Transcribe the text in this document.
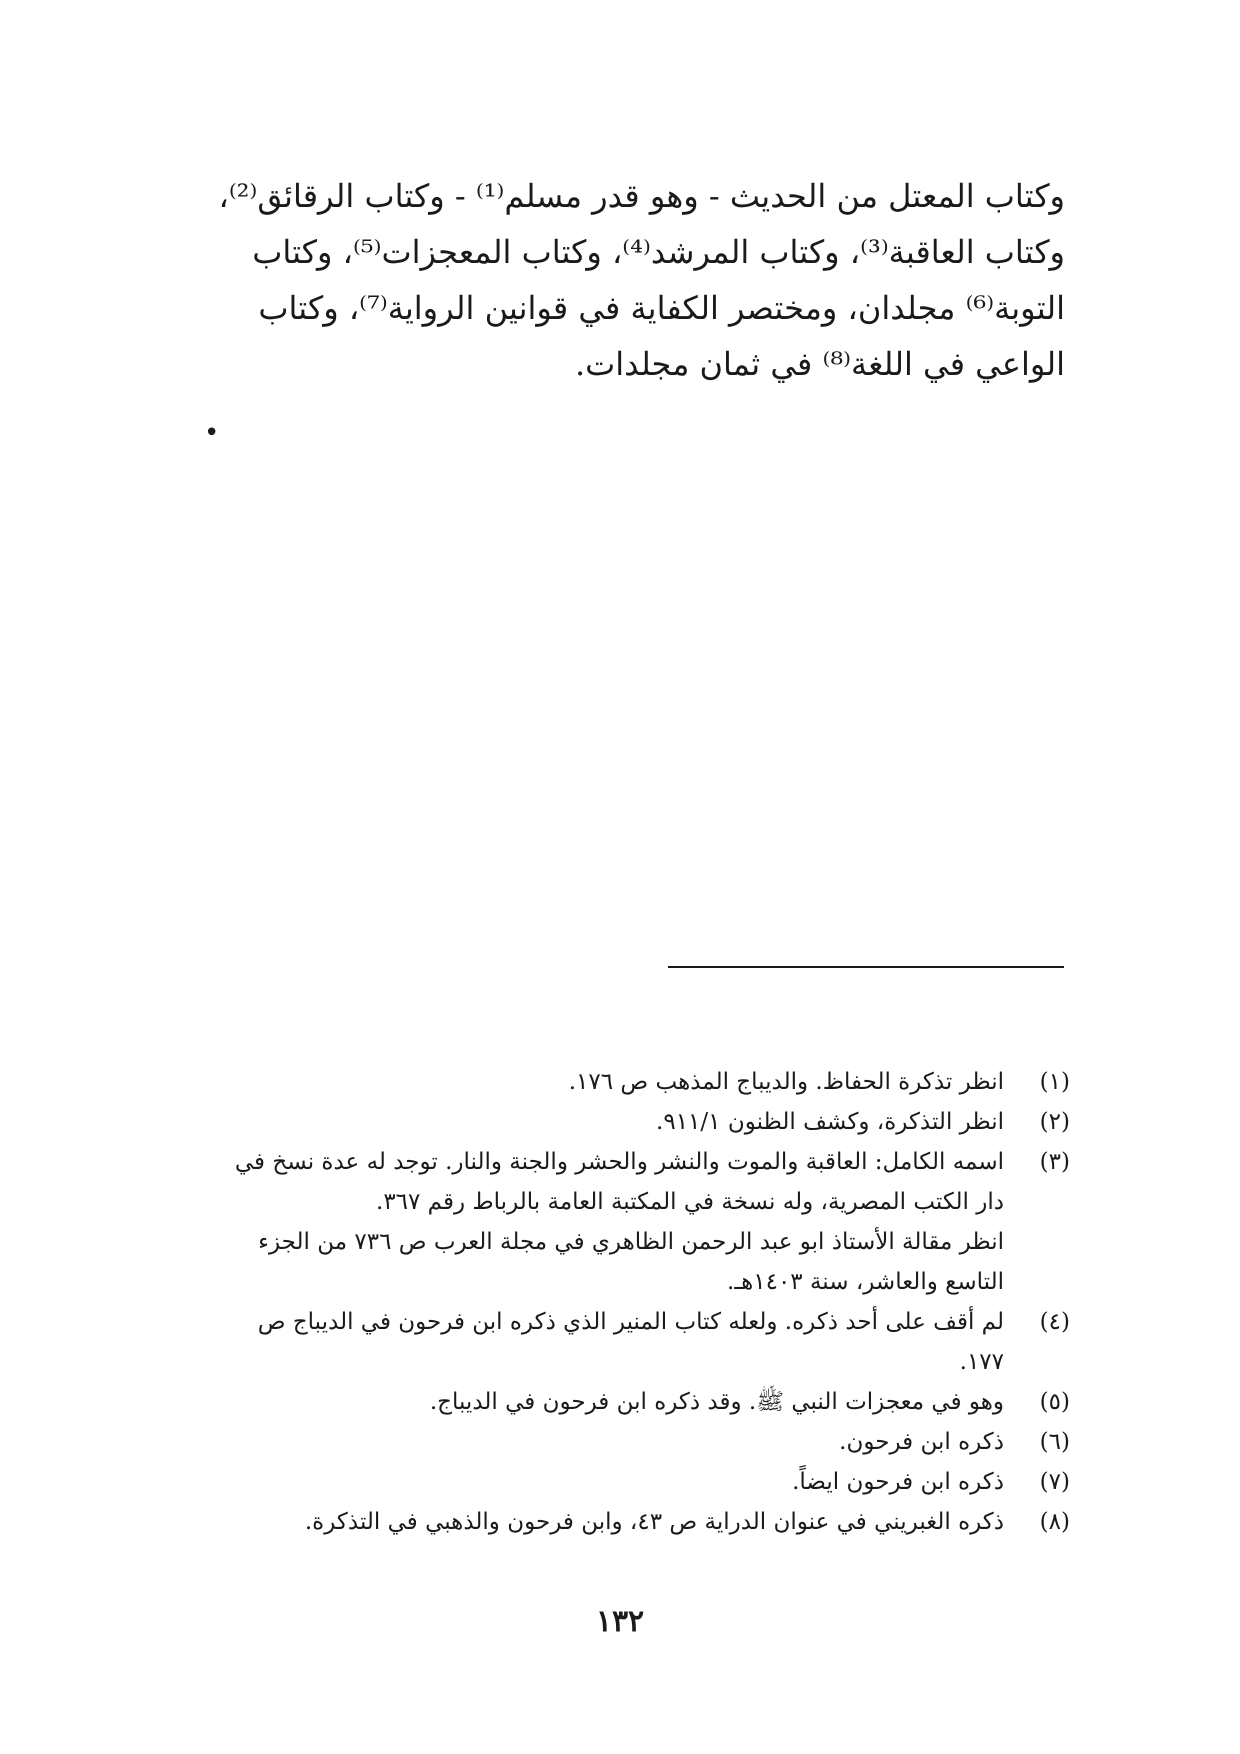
وكتاب المعتل من الحديث - وهو قدر مسلم⁽¹⁾ - وكتاب الرقائق⁽²⁾،
وكتاب العاقبة⁽³⁾، وكتاب المرشد⁽⁴⁾، وكتاب المعجزات⁽⁵⁾، وكتاب
التوبة⁽⁶⁾ مجلدان، ومختصر الكفاية في قوانين الرواية⁽⁷⁾، وكتاب
الواعي في اللغة⁽⁸⁾ في ثمان مجلدات.
•
(١)
انظر تذكرة الحفاظ. والديباج المذهب ص ١٧٦.
(٢)
انظر التذكرة، وكشف الظنون ٩١١/١.
(٣)
اسمه الكامل: العاقبة والموت والنشر والحشر والجنة والنار. توجد له عدة نسخ في
دار الكتب المصرية، وله نسخة في المكتبة العامة بالرباط رقم ٣٦٧.
انظر مقالة الأستاذ ابو عبد الرحمن الظاهري في مجلة العرب ص ٧٣٦ من الجزء
التاسع والعاشر، سنة ١٤٠٣هـ.
(٤)
لم أقف على أحد ذكره. ولعله كتاب المنير الذي ذكره ابن فرحون في الديباج ص
١٧٧.
(٥)
وهو في معجزات النبي ﷺ. وقد ذكره ابن فرحون في الديباج.
(٦)
ذكره ابن فرحون.
(٧)
ذكره ابن فرحون ايضاً.
(٨)
ذكره الغبريني في عنوان الدراية ص ٤٣، وابن فرحون والذهبي في التذكرة.
١٣٢
